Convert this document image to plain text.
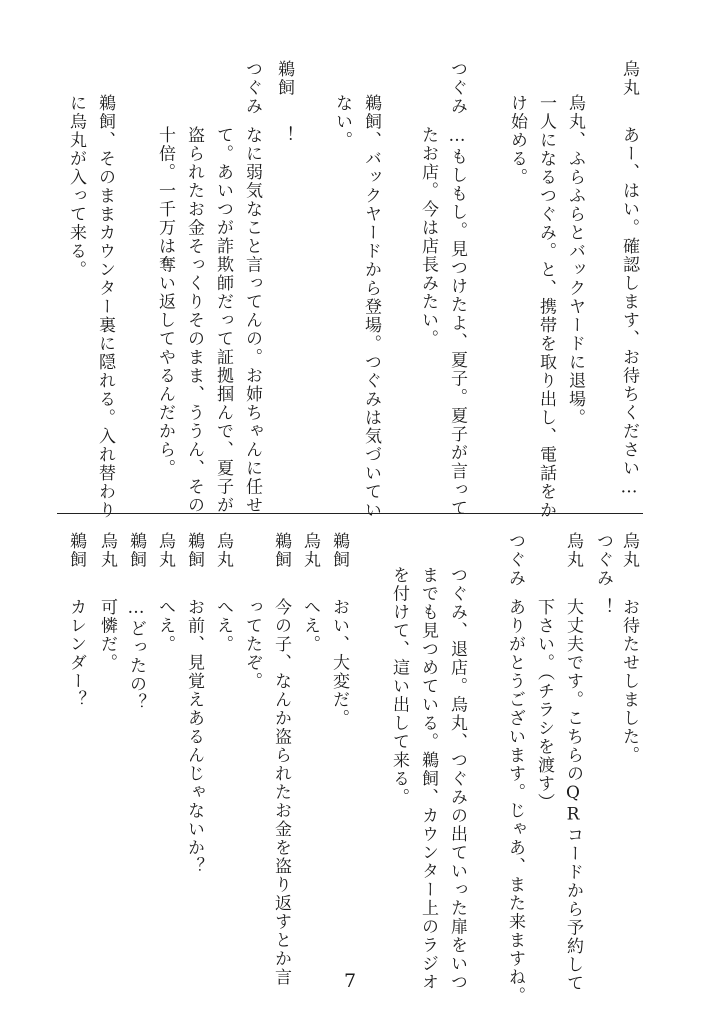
烏丸
あー、はい。確認します、お待ちください…
烏丸、ふらふらとバックヤードに退場。
一人になるつぐみ。と、携帯を取り出し、電話をか
け始める。
つぐみ
…もしもし。見つけたよ、夏子。夏子が言って
たお店。今は店長みたい。
鵜飼、バックヤードから登場。つぐみは気づいてい
ない。
鵜飼
！
つぐみ
なに弱気なこと言ってんの。お姉ちゃんに任せ
て。あいつが詐欺師だって証拠掴んで、夏子が
盗られたお金そっくりそのまま、ううん、その
十倍。一千万は奪い返してやるんだから。
鵜飼、そのままカウンター裏に隠れる。入れ替わり
に烏丸が入って来る。
烏丸
お待たせしました。
つぐみ
！
烏丸
大丈夫です。こちらのQRコードから予約して
下さい。（チラシを渡す）
つぐみ
ありがとうございます。じゃあ、また来ますね。
つぐみ、退店。烏丸、つぐみの出ていった扉をいつ
までも見つめている。鵜飼、カウンター上のラジオ
を付けて、這い出して来る。
鵜飼
おい、大変だ。
烏丸
へえ。
鵜飼
今の子、なんか盗られたお金を盗り返すとか言
ってたぞ。
烏丸
へえ。
鵜飼
お前、見覚えあるんじゃないか？
烏丸
へえ。
鵜飼
…どったの？
烏丸
可憐だ。
鵜飼
カレンダー？
7
